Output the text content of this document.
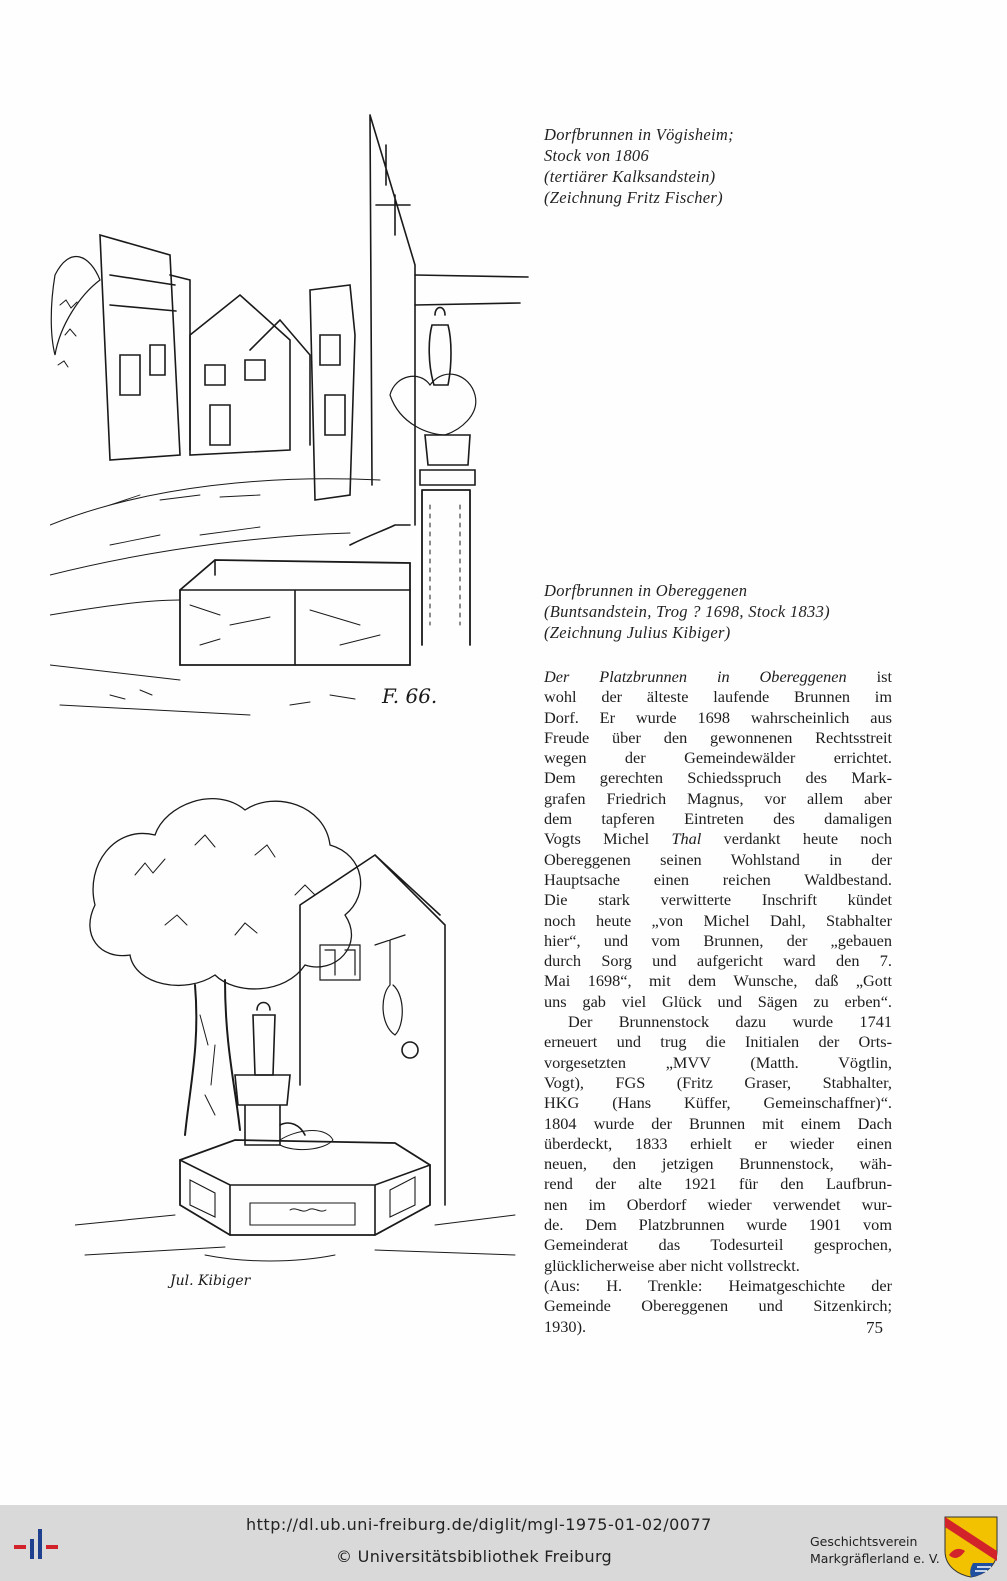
F. 66.
Dorfbrunnen in Vögisheim;
Stock von 1806
(tertiärer Kalksandstein)
(Zeichnung Fritz Fischer)
Dorfbrunnen in Obereggenen
(Buntsandstein, Trog ? 1698, Stock 1833)
(Zeichnung Julius Kibiger)
Jul. Kibiger
Der Platzbrunnen in Obereggenen ist
wohl der älteste laufende Brunnen im
Dorf. Er wurde 1698 wahrscheinlich aus
Freude über den gewonnenen Rechtsstreit
wegen der Gemeindewälder errichtet.
Dem gerechten Schiedsspruch des Mark-
grafen Friedrich Magnus, vor allem aber
dem tapferen Eintreten des damaligen
Vogts Michel Thal verdankt heute noch
Obereggenen seinen Wohlstand in der
Hauptsache einen reichen Waldbestand.
Die stark verwitterte Inschrift kündet
noch heute „von Michel Dahl, Stabhalter
hier“, und vom Brunnen, der „gebauen
durch Sorg und aufgericht ward den 7.
Mai 1698“, mit dem Wunsche, daß „Gott
uns gab viel Glück und Sägen zu erben“.
Der Brunnenstock dazu wurde 1741
erneuert und trug die Initialen der Orts-
vorgesetzten „MVV (Matth. Vögtlin,
Vogt), FGS (Fritz Graser, Stabhalter,
HKG (Hans Küffer, Gemeinschaffner)“.
1804 wurde der Brunnen mit einem Dach
überdeckt, 1833 erhielt er wieder einen
neuen, den jetzigen Brunnenstock, wäh-
rend der alte 1921 für den Laufbrun-
nen im Oberdorf wieder verwendet wur-
de. Dem Platzbrunnen wurde 1901 vom
Gemeinderat das Todesurteil gesprochen,
glücklicherweise aber nicht vollstreckt.
(Aus: H. Trenkle: Heimatgeschichte der
Gemeinde Obereggenen und Sitzenkirch;
1930).	75
http://dl.ub.uni-freiburg.de/diglit/mgl-1975-01-02/0077
© Universitätsbibliothek Freiburg
Geschichtsverein
Markgräflerland e. V.
